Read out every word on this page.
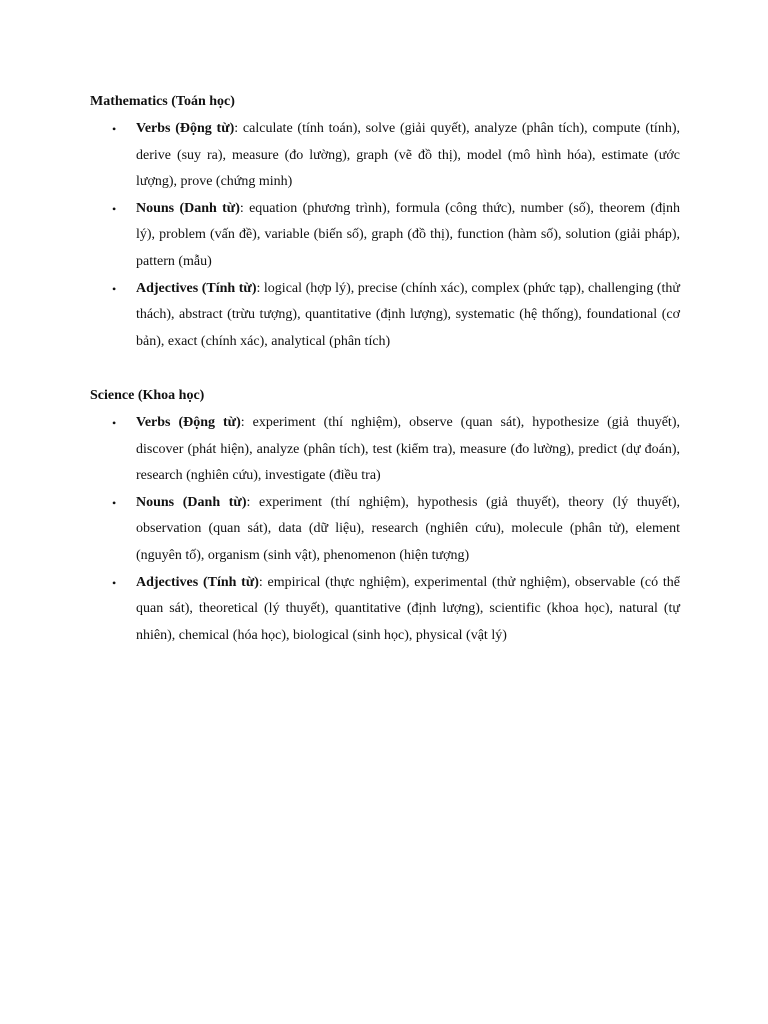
Mathematics (Toán học)
• Verbs (Động từ): calculate (tính toán), solve (giải quyết), analyze (phân tích), compute (tính), derive (suy ra), measure (đo lường), graph (vẽ đồ thị), model (mô hình hóa), estimate (ước lượng), prove (chứng minh)
• Nouns (Danh từ): equation (phương trình), formula (công thức), number (số), theorem (định lý), problem (vấn đề), variable (biến số), graph (đồ thị), function (hàm số), solution (giải pháp), pattern (mẫu)
• Adjectives (Tính từ): logical (hợp lý), precise (chính xác), complex (phức tạp), challenging (thử thách), abstract (trừu tượng), quantitative (định lượng), systematic (hệ thống), foundational (cơ bản), exact (chính xác), analytical (phân tích)
Science (Khoa học)
• Verbs (Động từ): experiment (thí nghiệm), observe (quan sát), hypothesize (giả thuyết), discover (phát hiện), analyze (phân tích), test (kiểm tra), measure (đo lường), predict (dự đoán), research (nghiên cứu), investigate (điều tra)
• Nouns (Danh từ): experiment (thí nghiệm), hypothesis (giả thuyết), theory (lý thuyết), observation (quan sát), data (dữ liệu), research (nghiên cứu), molecule (phân tử), element (nguyên tố), organism (sinh vật), phenomenon (hiện tượng)
• Adjectives (Tính từ): empirical (thực nghiệm), experimental (thử nghiệm), observable (có thể quan sát), theoretical (lý thuyết), quantitative (định lượng), scientific (khoa học), natural (tự nhiên), chemical (hóa học), biological (sinh học), physical (vật lý)
